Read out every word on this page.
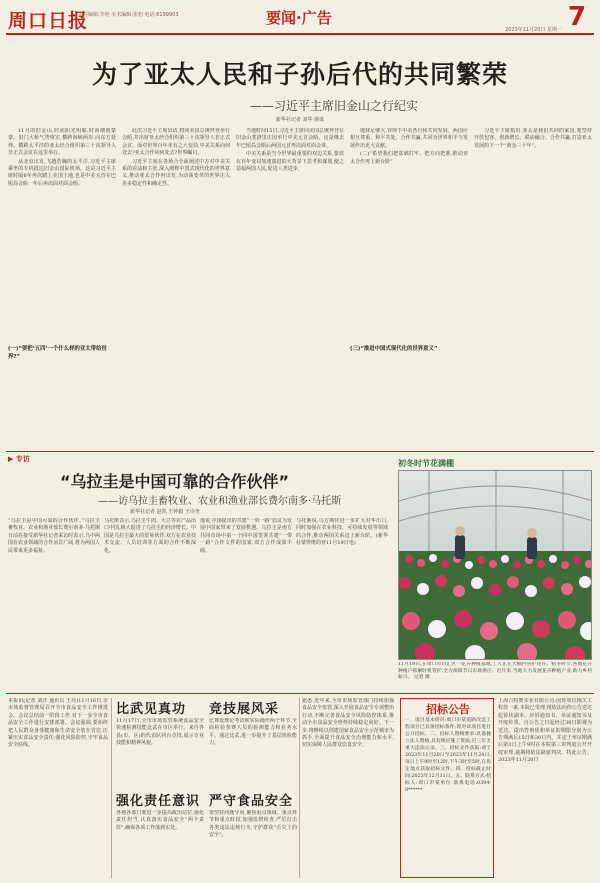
周口日报
责任编辑:李艳 美术编辑:张旭 电话:6199903	要闻·广告	7
2023年11月20日 星期一
为了亚太人民和子孙后代的共同繁荣
——习近平主席旧金山之行纪实
新华社记者 刘华 韩梁

11月的旧金山,时而阳光明媚,时而细雨蒙蒙。旧门大桥气势恢宏,横跨海峡两岸,向东方延伸。横跨太平洋的亚太经合组织第三十次领导人非正式会议在这里举行。

从北京出发,飞越浩瀚的太平洋,习近平主席乘坐的专机抵达旧金山国际机场。这是习近平主席时隔6年再次踏上美国土地,也是中美元首在巴厘岛会晤一年后再次面对面会晤。

此次习近平主席出访,将同美国总统拜登举行会晤,并出席亚太经合组织第三十次领导人非正式会议。面对世界百年未有之大变局,中美关系向何处去?亚太合作向何处去?世界瞩目。

习近平主席在各场合全面阐述中方对中美关系的看法和主张,深入阐释中国式现代化的世界意义,推动亚太合作再出发,为动荡变革的世界注入更多稳定性和确定性。

当地时间15日,习近平主席同美国总统拜登在旧金山斐洛里庄园举行中美元首会晤。这是继去年巴厘岛会晤后两国元首再次面对面会谈。

中美关系是当今世界最重要的双边关系,要放在百年变局加速演进的大背景下思考和谋划,使之造福两国人民,促进人类进步。

地球足够大,容得下中美各自和共同发展。两国应相互尊重、和平共处、合作共赢,共同为世界和平与发展作出更大贡献。

(二)“希望我们把基础打牢、把方向把准,推动亚太合作再上新台阶”

习近平主席指出,亚太是我们共同的家园,要坚持开放包容、创新增长、联动融合、合作共赢,打造亚太发展的下一个“黄金三十年”。

(一)“要把‘五四’一个什么样的亚太带给世界?”
(三)“推进中国式现代化的世界意义”
▶ 专访
“乌拉圭是中国可靠的合作伙伴”
——访乌拉圭畜牧业、农业和渔业部长费尔南多·马托斯
新华社记者 赵凯 王钟毅 王诗尧
“乌拉圭是中国可靠的合作伙伴。”乌拉圭畜牧业、农业和渔业部长费尔南多·马托斯日前在接受新华社记者采访时表示,乌中两国在农业领域的合作前景广阔,将为两国人民带来更多福祉。
马托斯表示,乌拉圭牛肉、大豆等农产品出口中国,极大促进了乌拉圭的经济增长。中国是乌拉圭最大的贸易伙伴,双方在农业技术交流、人员培训等方面的合作不断深化。
他说,中国提出的共建“一带一路”倡议为发展中国家带来了发展机遇。乌拉圭是南方共同市场中第一个同中国签署共建“一带一路”合作文件的国家,双方合作成果丰硕。
马托斯说,乌方期待进一步扩大对华出口,同时加强在农业科技、可持续发展等领域的合作,推动两国关系迈上新台阶。(新华社蒙得维的亚11月19日电)
初冬时节花满棚
11月19日,在周口市川汇区一花卉种植基地,工人正在大棚内管护花卉。初冬时节,各地花卉种植户抓紧时机管护,全力保障节日市场供应。近年来,当地大力发展花卉种植产业,助力乡村振兴。 记者 摄
本报讯(记者 刘洋 通讯员 王亮)11月16日,市市场监督管理局召开全市食品安全工作推进会。会议总结前一阶段工作,对下一步全市食品安全工作进行安排部署。会议强调,要始终把人民群众身体健康和生命安全放在首位,压紧压实食品安全责任,强化风险防控,守牢食品安全底线。
比武见真功 竞技展风采
11月17日,全市市场监管系统食品安全快速检测技能比武在市区举行。来自各县(市、区)的代表队同台竞技,展示专业技能和精神风貌。
比赛设理论考试和实际操作两个环节,全面检验参赛人员的检测能力和业务水平。通过比武,进一步提升了基层快检能力。
强化责任意识 严守食品安全
各地各部门要进一步提高政治站位,强化责任担当,认真落实食品安全“两个责任”,确保各项工作落到实处。
要坚持问题导向,聚焦重点领域、重点环节和重点时段,加强监督检查,严厉打击各类违法违规行为,守护群众“舌尖上的安全”。
据悉,近年来,全市市场监管部门持续加强食品安全监管,深入开展食品安全专项整治行动,不断完善食品安全风险防控体系,推动全市食品安全形势持续稳定向好。下一步,将继续以创建国家食品安全示范城市为抓手,全面提升食品安全治理能力和水平,切实保障人民群众饮食安全。
招标公告
一、项目基本情况:周口市某道路改造工程项目已具备招标条件,现对该项目进行公开招标。二、投标人资格要求:具备独立法人资格,具有相应施工资质,近三年无重大违法记录。三、招标文件获取:请于2023年11月20日至2023年11月24日,每日上午9时至12时,下午3时至5时,在指定地点获取招标文件。四、投标截止时间:2023年12月11日。五、联系方式:招标人:周口市某单位 联系电话:0394-8******
上海吉特奥实业有限公司:因你单位拖欠工程款一案,本院已受理,现依法向你公告送达起诉状副本、应诉通知书、举证通知书及开庭传票。自公告之日起经过30日即视为送达。提出答辩状和举证的期限分别为公告期满后15日和30日内。并定于举证期满后第3日上午9时在本院第三审判庭公开开庭审理,逾期将依法缺席判决。特此公告。2023年11月20日
